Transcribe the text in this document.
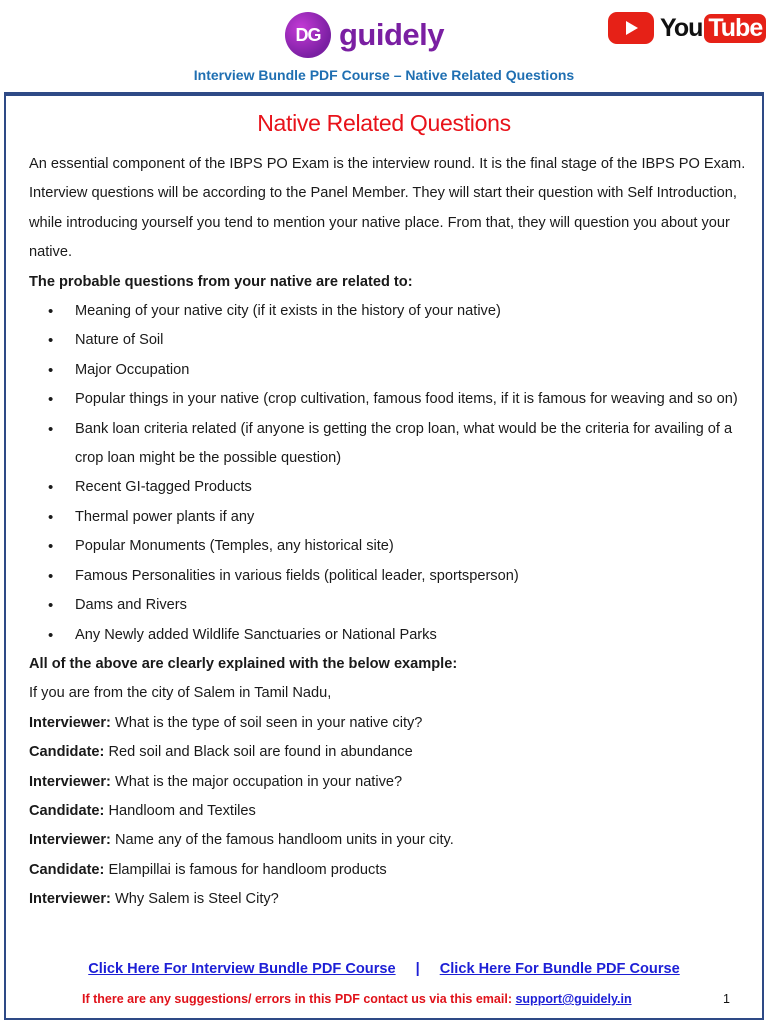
DG guidely	You Tube
Interview Bundle PDF Course – Native Related Questions
Native Related Questions

An essential component of the IBPS PO Exam is the interview round. It is the final stage of the IBPS PO Exam. Interview questions will be according to the Panel Member. They will start their question with Self Introduction, while introducing yourself you tend to mention your native place. From that, they will question you about your native.

The probable questions from your native are related to:

• Meaning of your native city (if it exists in the history of your native)
• Nature of Soil
• Major Occupation
• Popular things in your native (crop cultivation, famous food items, if it is famous for weaving and so on)
• Bank loan criteria related (if anyone is getting the crop loan, what would be the criteria for availing of a crop loan might be the possible question)
• Recent GI-tagged Products
• Thermal power plants if any
• Popular Monuments (Temples, any historical site)
• Famous Personalities in various fields (political leader, sportsperson)
• Dams and Rivers
• Any Newly added Wildlife Sanctuaries or National Parks

All of the above are clearly explained with the below example:

If you are from the city of Salem in Tamil Nadu,

Interviewer: What is the type of soil seen in your native city?

Candidate: Red soil and Black soil are found in abundance

Interviewer: What is the major occupation in your native?

Candidate: Handloom and Textiles

Interviewer: Name any of the famous handloom units in your city.

Candidate: Elampillai is famous for handloom products

Interviewer: Why Salem is Steel City?

Click Here For Interview Bundle PDF Course | Click Here For Bundle PDF Course
If there are any suggestions/ errors in this PDF contact us via this email: support@guidely.in	1
